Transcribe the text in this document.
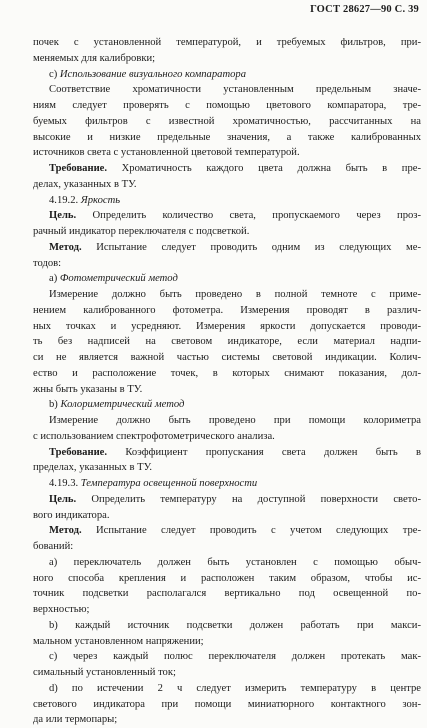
ГОСТ 28627—90 С. 39
почек с установленной температурой, и требуемых фильтров, при-
меняемых для калибровки;
с) Использование визуального компаратора
Соответствие хроматичности установленным предельным значе-
ниям следует проверять с помощью цветового компаратора, тре-
буемых фильтров с известной хроматичностью, рассчитанных на
высокие и низкие предельные значения, а также калиброванных
источников света с установленной цветовой температурой.
Требование. Хроматичность каждого цвета должна быть в пре-
делах, указанных в ТУ.
4.19.2. Яркость
Цель. Определить количество света, пропускаемого через проз-
рачный индикатор переключателя с подсветкой.
Метод. Испытание следует проводить одним из следующих ме-
тодов:
а) Фотометрический метод
Измерение должно быть проведено в полной темноте с приме-
нением калиброванного фотометра. Измерения проводят в различ-
ных точках и усредняют. Измерения яркости допускается проводи-
ть без надписей на световом индикаторе, если материал надпи-
си не является важной частью системы световой индикации. Колич-
ество и расположение точек, в которых снимают показания, дол-
жны быть указаны в ТУ.
b) Колориметрический метод
Измерение должно быть проведено при помощи колориметра
с использованием спектрофотометрического анализа.
Требование. Коэффициент пропускания света должен быть в
пределах, указанных в ТУ.
4.19.3. Температура освещенной поверхности
Цель. Определить температуру на доступной поверхности свето-
вого индикатора.
Метод. Испытание следует проводить с учетом следующих тре-
бований:
а) переключатель должен быть установлен с помощью обыч-
ного способа крепления и расположен таким образом, чтобы ис-
точник подсветки располагался вертикально под освещенной по-
верхностью;
b) каждый источник подсветки должен работать при макси-
мальном установленном напряжении;
с) через каждый полюс переключателя должен протекать мак-
симальный установленный ток;
d) по истечении 2 ч следует измерить температуру в центре
светового индикатора при помощи миниатюрного контактного зон-
да или термопары;
